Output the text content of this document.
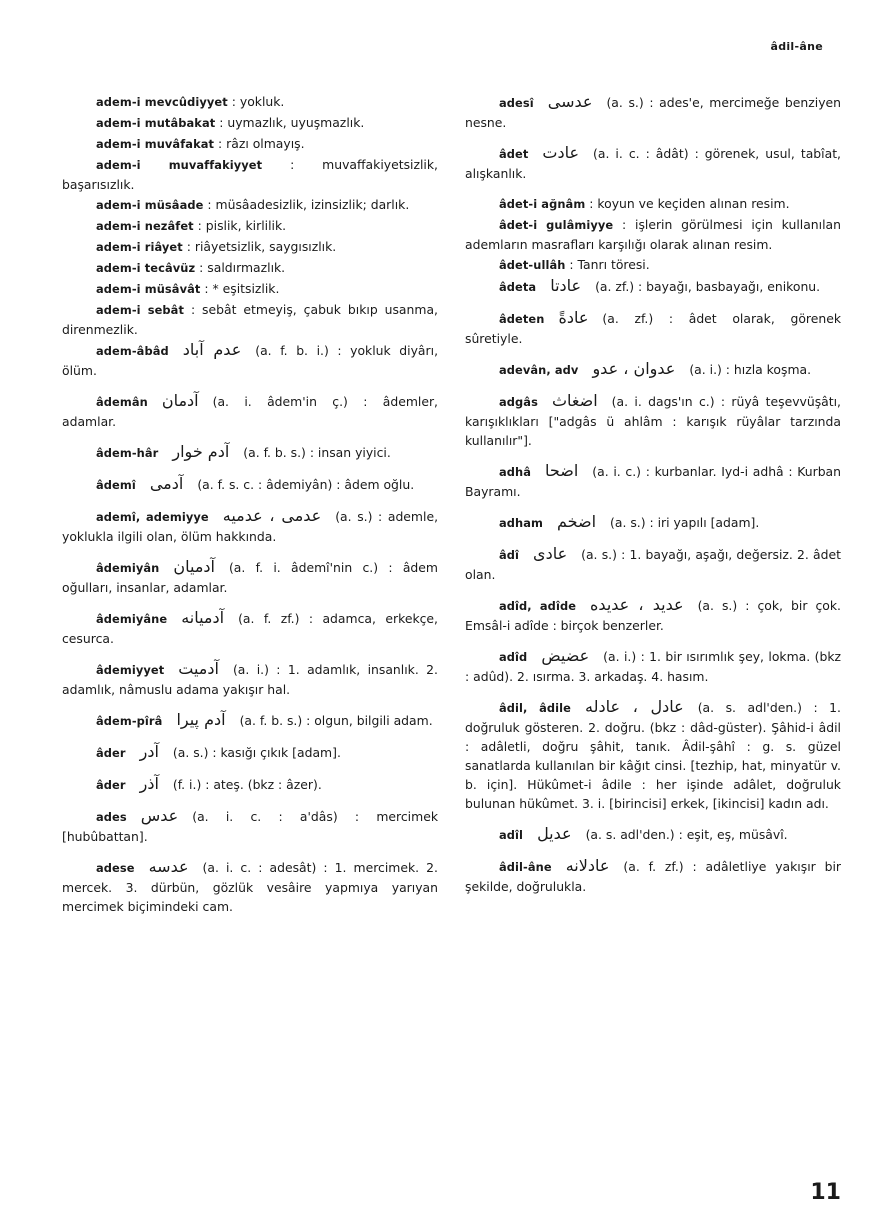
âdil-âne
adem-i mevcûdiyyet : yokluk.
adem-i mutâbakat : uymazlık, uyuşmazlık.
adem-i muvâfakat : râzı olmayış.
adem-i muvaffakiyyet : muvaffakiyetsizlik, başarısızlık.
adem-i müsâade : müsâadesizlik, izinsizlik; darlık.
adem-i nezâfet : pislik, kirlilik.
adem-i riâyet : riâyetsizlik, saygısızlık.
adem-i tecâvüz : saldırmazlık.
adem-i müsâvât : * eşitsizlik.
adem-i sebât : sebât etmeyiş, çabuk bıkıp usanma, direnmezlik.
adem-âbâd عدم آباد (a. f. b. i.) : yokluk diyârı, ölüm.
âdemân آدمان (a. i. âdem'in ç.) : âdemler, adamlar.
âdem-hâr آدم خوار (a. f. b. s.) : insan yiyici.
âdemî آدمی (a. f. s. c. : âdemiyân) : âdem oğlu.
ademî, ademiyye عدمی ، عدمیه (a. s.) : ademle, yoklukla ilgili olan, ölüm hakkında.
âdemiyân آدمیان (a. f. i. âdemî'nin c.) : âdem oğulları, insanlar, adamlar.
âdemiyâne آدمیانه (a. f. zf.) : adamca, erkekçe, cesurca.
âdemiyyet آدمیت (a. i.) : 1. adamlık, insanlık. 2. adamlık, nâmuslu adama yakışır hal.
âdem-pîrâ آدم پیرا (a. f. b. s.) : olgun, bilgili adam.
âder آدر (a. s.) : kasığı çıkık [adam].
âder آذر (f. i.) : ateş. (bkz : âzer).
ades عدس (a. i. c. : a'dâs) : mercimek [hubûbattan].
adese عدسه (a. i. c. : adesât) : 1. mercimek. 2. mercek. 3. dürbün, gözlük vesâire yapmıya yarıyan mercimek biçimindeki cam.
adesî عدسی (a. s.) : ades'e, mercimeğe benziyen nesne.
âdet عادت (a. i. c. : âdât) : görenek, usul, tabîat, alışkanlık.
âdet-i ağnâm : koyun ve keçiden alınan resim.
âdet-i gulâmiyye : işlerin görülmesi için kullanılan ademların masrafları karşılığı olarak alınan resim.
âdet-ullâh : Tanrı töresi.
âdeta عادتا (a. zf.) : bayağı, basbayağı, enikonu.
âdeten عادةً (a. zf.) : âdet olarak, görenek sûretiyle.
adevân, adv عدوان ، عدو (a. i.) : hızla koşma.
adgâs اضغاث (a. i. dags'ın c.) : rüyâ teşevvüşâtı, karışıklıkları ["adgâs ü ahlâm : karışık rüyâlar tarzında kullanılır"].
adhâ اضحا (a. i. c.) : kurbanlar. Iyd-i adhâ : Kurban Bayramı.
adham اضخم (a. s.) : iri yapılı [adam].
âdî عادی (a. s.) : 1. bayağı, aşağı, değersiz. 2. âdet olan.
adîd, adîde عدید ، عدیده (a. s.) : çok, bir çok. Emsâl-i adîde : birçok benzerler.
adîd عضیض (a. i.) : 1. bir ısırımlık şey, lokma. (bkz : adûd). 2. ısırma. 3. arkadaş. 4. hasım.
âdil, âdile عادل ، عادله (a. s. adl'den.) : 1. doğruluk gösteren. 2. doğru. (bkz : dâd-güster). Şâhid-i âdil : adâletli, doğru şâhit, tanık. Âdil-şâhî : g. s. güzel sanatlarda kullanılan bir kâğıt cinsi. [tezhip, hat, minyatür v. b. için]. Hükûmet-i âdile : her işinde adâlet, doğruluk bulunan hükûmet. 3. i. [birincisi] erkek, [ikincisi] kadın adı.
adîl عدیل (a. s. adl'den.) : eşit, eş, müsâvî.
âdil-âne عادلانه (a. f. zf.) : adâletliye yakışır bir şekilde, doğrulukla.
11
